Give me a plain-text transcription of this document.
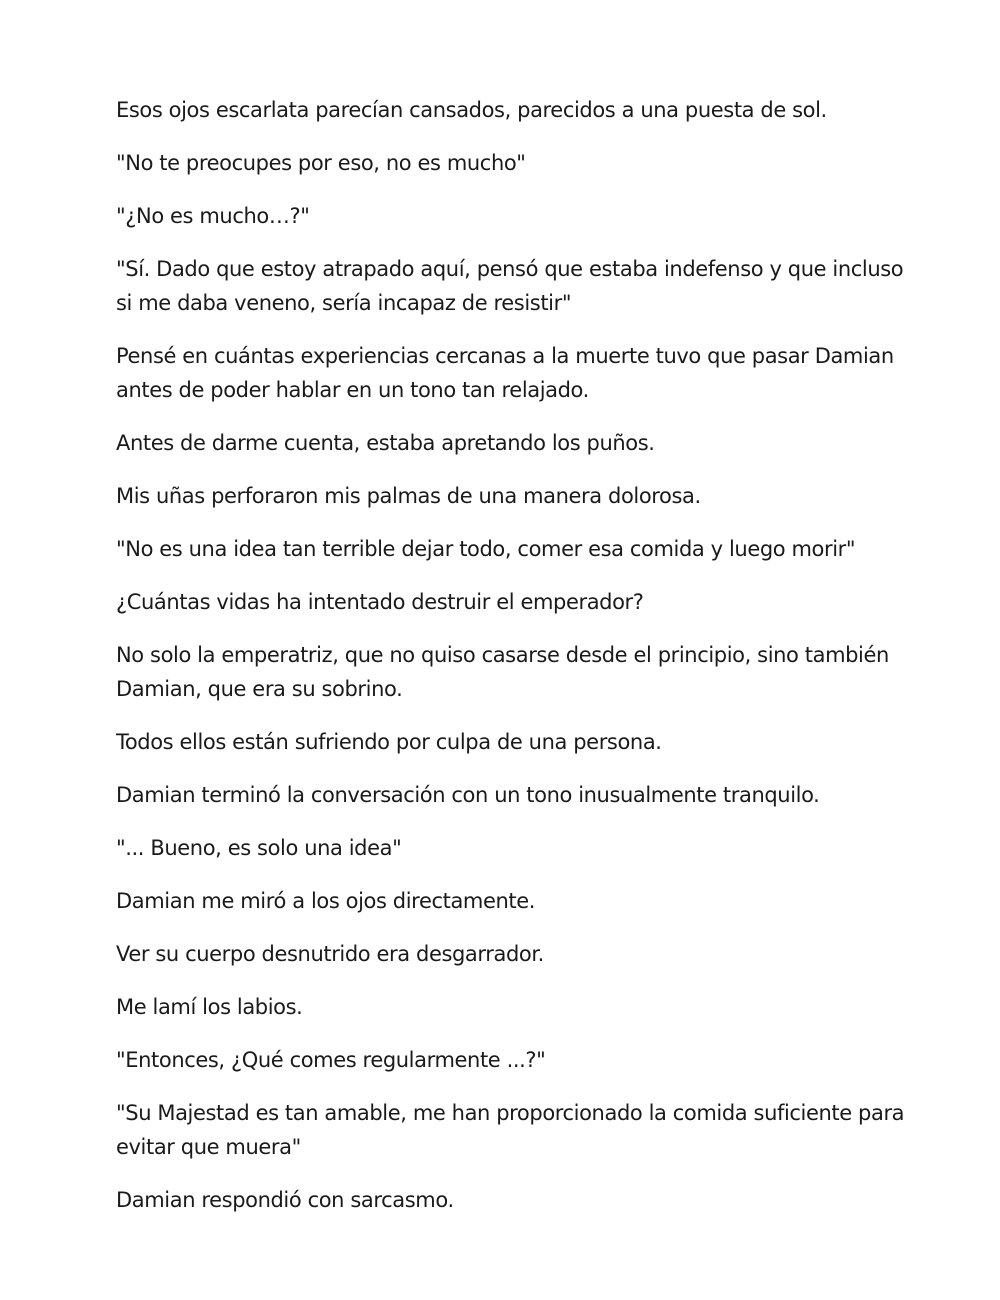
Esos ojos escarlata parecían cansados, parecidos a una puesta de sol.

"No te preocupes por eso, no es mucho"

"¿No es mucho…?"

"Sí. Dado que estoy atrapado aquí, pensó que estaba indefenso y que incluso si me daba veneno, sería incapaz de resistir"

Pensé en cuántas experiencias cercanas a la muerte tuvo que pasar Damian antes de poder hablar en un tono tan relajado.

Antes de darme cuenta, estaba apretando los puños.

Mis uñas perforaron mis palmas de una manera dolorosa.

"No es una idea tan terrible dejar todo, comer esa comida y luego morir"

¿Cuántas vidas ha intentado destruir el emperador?

No solo la emperatriz, que no quiso casarse desde el principio, sino también Damian, que era su sobrino.

Todos ellos están sufriendo por culpa de una persona.

Damian terminó la conversación con un tono inusualmente tranquilo.

"... Bueno, es solo una idea"

Damian me miró a los ojos directamente.

Ver su cuerpo desnutrido era desgarrador.

Me lamí los labios.

"Entonces, ¿Qué comes regularmente ...?"

"Su Majestad es tan amable, me han proporcionado la comida suficiente para evitar que muera"

Damian respondió con sarcasmo.
